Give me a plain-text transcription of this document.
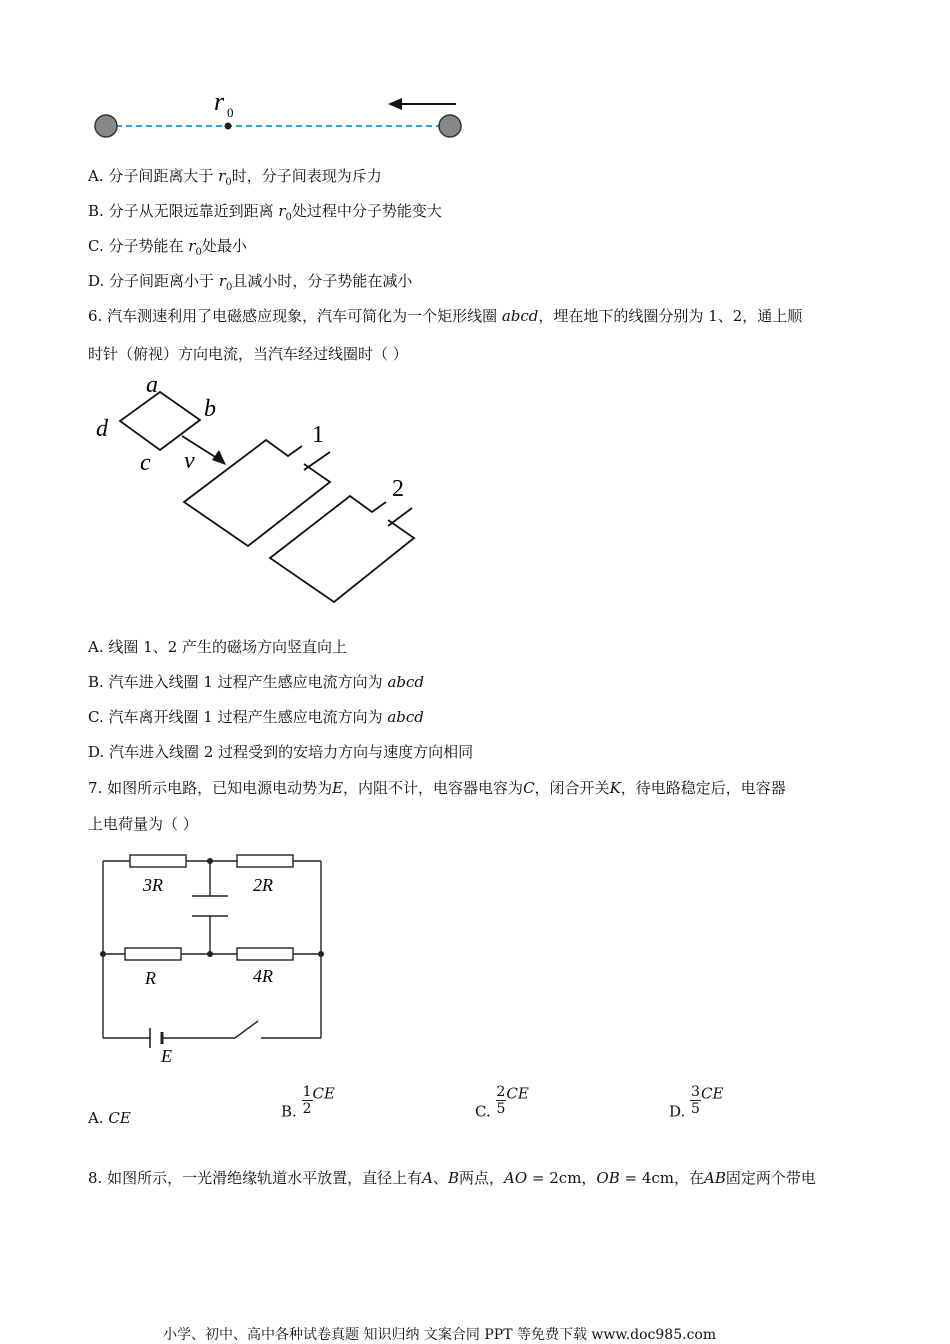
r 0
A. 分子间距离大于 $r_0$时，分子间表现为斥力
B. 分子从无限远靠近到距离 $r_0$处过程中分子势能变大
C. 分子势能在 $r_0$处最小
D. 分子间距离小于 $r_0$且减小时，分子势能在减小
6. 汽车测速利用了电磁感应现象，汽车可简化为一个矩形线圈 abcd，埋在地下的线圈分别为 1、2，通上顺
时针（俯视）方向电流，当汽车经过线圈时（ ）
a
b
c
d
v
1
2
A. 线圈 1、2 产生的磁场方向竖直向上
B. 汽车进入线圈 1 过程产生感应电流方向为 abcd
C. 汽车离开线圈 1 过程产生感应电流方向为 abcd
D. 汽车进入线圈 2 过程受到的安培力方向与速度方向相同
7. 如图所示电路，已知电源电动势为E，内阻不计，电容器电容为C，闭合开关K，待电路稳定后，电容器
上电荷量为（ ）
3R	2R
R	4R
E
A. CE	B. $\frac{1}{2}$ CE
C. $\frac{2}{5}$ CE
D. $\frac{3}{5}$ CE
8. 如图所示，一光滑绝缘轨道水平放置，直径上有A、B两点，AO = 2cm，OB = 4cm，在AB固定两个带电
小学、初中、高中各种试卷真题 知识归纳 文案合同 PPT 等免费下载 www.doc985.com
